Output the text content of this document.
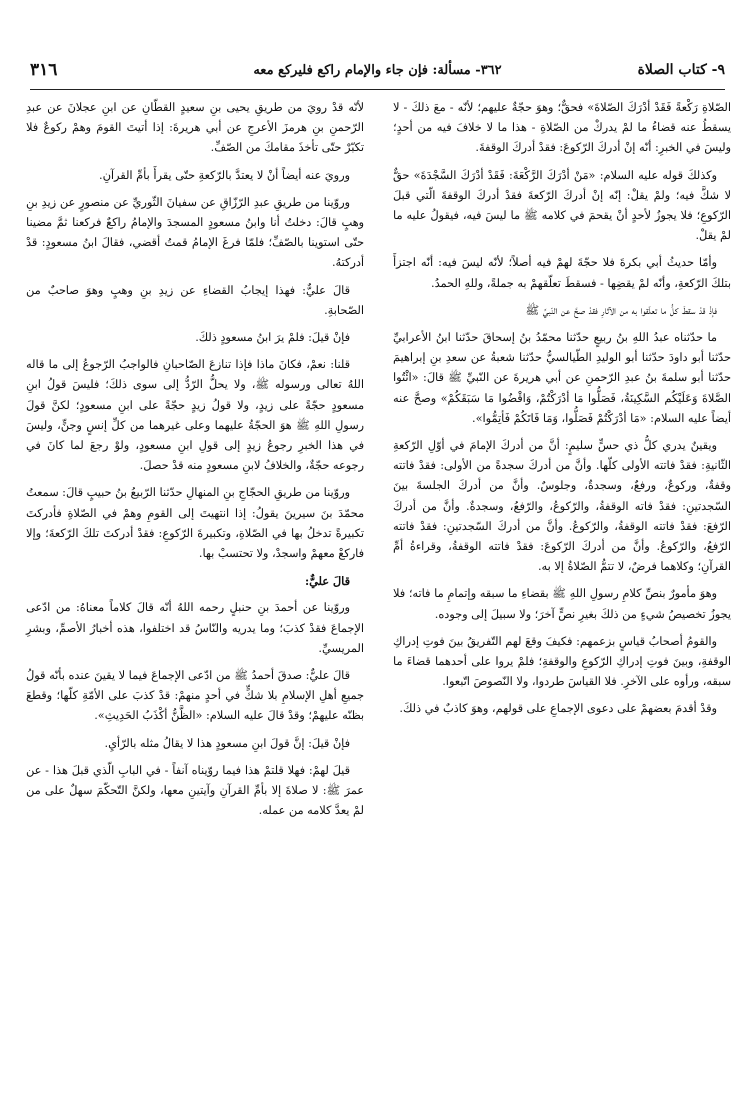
٩- كتاب الصلاة
٣٦٢- مسألة: فإن جاء والإمام راكع فليركع معه
٣١٦

الصّلاةِ رَكْعةً فَقَدْ أدْرَكَ الصّلاةَ» فحقٌّ؛ وهوَ حجّةٌ عليهم؛ لأنّه - معَ ذلكَ - لا يسقطُ عنه قضاءُ ما لمْ يدركْ من الصّلاةِ - هذا ما لا خلافَ فيه من أحدٍ؛ وليسَ في الخبرِ: أنّه إنْ أدركَ الرّكوعَ: فقدْ أدركَ الوقفةَ.

وكذلكَ قوله عليه السلام: «مَنْ أدْرَكَ الرَّكْعَةَ: فَقَدْ أدْرَكَ السَّجْدَةَ» حقٌّ لا شكَّ فيه؛ ولمْ يقلْ: إنّه إنْ أدركَ الرّكعةَ فقدْ أدركَ الوقفةَ الّتي قبلَ الرّكوعِ؛ فلا يجوزُ لأحدٍ أنْ يقحمَ في كلامه ﷺ ما ليسَ فيه، فيقولُ عليه ما لمْ يقلْ.

وأمّا حديثُ أبي بكرةَ فلا حجّةَ لهمْ فيه أصلاً؛ لأنّه ليسَ فيه: أنّه اجتزأَ بتلكَ الرّكعةِ، وأنّه لمْ يقضِها - فسقطَ تعلّقهمْ به جملةً، وللهِ الحمدُ.

فإذْ قدْ سقطَ كلُّ ما تعلّقوا به من الآثارِ فقدْ صحَّ عن النّبيِّ ﷺ

ما حدّثناه عبدُ اللهِ بنُ ربيعٍ حدّثنا محمّدُ بنُ إسحاقَ حدّثنا ابنُ الأعرابيِّ حدّثنا أبو داودَ حدّثنا أبو الوليدِ الطّيالسيُّ حدّثنا شعبةُ عن سعدِ بنِ إبراهيمَ حدّثنا أبو سلمةَ بنُ عبدِ الرّحمنِ عن أبي هريرةَ عن النّبيِّ ﷺ قالَ: «ائْتُوا الصَّلاةَ وَعَلَيْكُم السَّكِينَةُ، فَصَلُّوا مَا أدْرَكْتُمْ، وَاقْضُوا مَا سَبَقَكُمْ» وصحَّ عنه أيضاً عليه السلام: «مَا أدْرَكْتُمْ فَصَلُّوا، وَمَا فَاتَكُمْ فَأتِمُّوا».

ويقينٌ يدري كلُّ ذي حسٍّ سليمٍ: أنَّ من أدركَ الإمامَ في أوّلِ الرّكعةِ الثّانيةِ: فقدْ فاتته الأولى كلّها. وأنَّ من أدركَ سجدةً من الأولى: فقدْ فاتته وقفةٌ، وركوعٌ، ورفعٌ، وسجدةٌ، وجلوسٌ. وأنَّ من أدركَ الجلسةَ بينَ السّجدتينِ: فقدْ فاته الوقفةُ، والرّكوعُ، والرّفعُ، وسجدةٌ. وأنَّ من أدركَ الرّفعَ: فقدْ فاتته الوقفةُ، والرّكوعُ. وأنَّ من أدركَ السّجدتينِ: فقدْ فاتته الرّفعُ، والرّكوعُ. وأنَّ من أدركَ الرّكوعَ: فقدْ فاتته الوقفةُ، وقراءةُ أمِّ القرآنِ؛ وكلاهما فرضٌ، لا تتمُّ الصّلاةُ إلا به.

وهوَ مأمورٌ بنصِّ كلامِ رسولِ اللهِ ﷺ بقضاءِ ما سبقه وإتمامِ ما فاته؛ فلا يجوزُ تخصيصُ شيءٍ من ذلكَ بغيرِ نصٍّ آخرَ؛ ولا سبيلَ إلى وجوده.

والقومُ أصحابُ قياسٍ بزعمهم: فكيفَ وقعَ لهم التّفريقُ بينَ فوتِ إدراكِ الوقفةِ، وبينَ فوتِ إدراكِ الرّكوعِ والوقفةِ؛ فلمْ يروا على أحدهما قضاءَ ما سبقه، ورأوه على الآخرِ. فلا القياسَ طردوا، ولا النّصوصَ اتّبعوا.

وقدْ أقدمَ بعضهمْ على دعوى الإجماعِ على قولهم، وهوَ كاذبٌ في ذلكَ.

لأنّه قدْ رويَ من طريقِ يحيى بنِ سعيدٍ القطّانِ عن ابنِ عجلانَ عن عبدِ الرّحمنِ بنِ هرمزَ الأعرجِ عن أبي هريرةَ: إذا أتيتَ القومَ وهمْ ركوعٌ فلا تكبّرْ حتّى تأخذَ مقامكَ من الصّفِّ.

ورويَ عنه أيضاً أنْ لا يعتدَّ بالرّكعةِ حتّى يقرأَ بأمِّ القرآنِ.

وروّينا من طريقِ عبدِ الرّزّاقِ عن سفيانَ الثّوريِّ عن منصورٍ عن زيدِ بنِ وهبٍ قالَ: دخلتُ أنا وابنُ مسعودٍ المسجدَ والإمامُ راكعٌ فركعنا ثمَّ مضينا حتّى استوينا بالصّفِّ؛ فلمّا فرغَ الإمامُ قمتُ أقضي، فقالَ ابنُ مسعودٍ: قدْ أدركتهُ.

قالَ عليٌّ: فهذا إيجابُ القضاءِ عن زيدِ بنِ وهبٍ وهوَ صاحبٌ من الصّحابةِ.

فإنْ قيلَ: فلمْ يرَ ابنُ مسعودٍ ذلكَ.

قلنا: نعمْ، فكانَ ماذا فإذا تنازعَ الصّاحبانِ فالواجبُ الرّجوعُ إلى ما قاله اللهُ تعالى ورسوله ﷺ، ولا يحلُّ الرّدُّ إلى سوى ذلكَ؛ فليسَ قولُ ابنِ مسعودٍ حجّةً على زيدٍ، ولا قولُ زيدٍ حجّةً على ابنِ مسعودٍ؛ لكنَّ قولَ رسولِ اللهِ ﷺ هوَ الحجّةُ عليهما وعلى غيرهما من كلِّ إنسٍ وجنٍّ، وليسَ في هذا الخبرِ رجوعُ زيدٍ إلى قولِ ابنِ مسعودٍ، ولوْ رجعَ لما كانَ في رجوعه حجّةٌ، والخلافُ لابنِ مسعودٍ منه قدْ حصلَ.

وروّينا من طريقِ الحجّاجِ بنِ المنهالِ حدّثنا الرّبيعُ بنُ حبيبٍ قالَ: سمعتُ محمّدَ بنَ سيرينَ يقولُ: إذا انتهيتَ إلى القومِ وهمْ في الصّلاةِ فأدركتَ تكبيرةً تدخلُ بها في الصّلاةِ، وتكبيرةَ الرّكوعِ: فقدْ أدركتَ تلكَ الرّكعةَ؛ وإلا فاركعْ معهمْ واسجدْ، ولا تحتسبْ بها.

قالَ عليٌّ:

وروّينا عن أحمدَ بنِ حنبلٍ رحمه اللهُ أنّه قالَ كلاماً معناهُ: من ادّعى الإجماعَ فقدْ كذبَ؛ وما يدريه والنّاسُ قد اختلفوا، هذه أخبارُ الأصمِّ، وبشرِ المريسيِّ.

قالَ عليٌّ: صدقَ أحمدُ ﷺ من ادّعى الإجماعَ فيما لا يقينَ عنده بأنّه قولُ جميعِ أهلِ الإسلامِ بلا شكٍّ في أحدٍ منهمْ: قدْ كذبَ على الأمّةِ كلّها؛ وقطعَ بظنّه عليهمْ؛ وقدْ قالَ عليه السلام: «الظَّنُّ أكْذَبُ الحَدِيثِ».

فإنْ قيلَ: إنَّ قولَ ابنِ مسعودٍ هذا لا يقالُ مثله بالرّأيِ.

قيلَ لهمْ: فهلا قلتمْ هذا فيما روّيناه آنفاً - في البابِ الّذي قبلَ هذا - عن عمرَ ﷺ: لا صلاةَ إلا بأمِّ القرآنِ وآيتينِ معها، ولكنَّ التّحكّمَ سهلٌ على من لمْ يعدَّ كلامه من عمله.
